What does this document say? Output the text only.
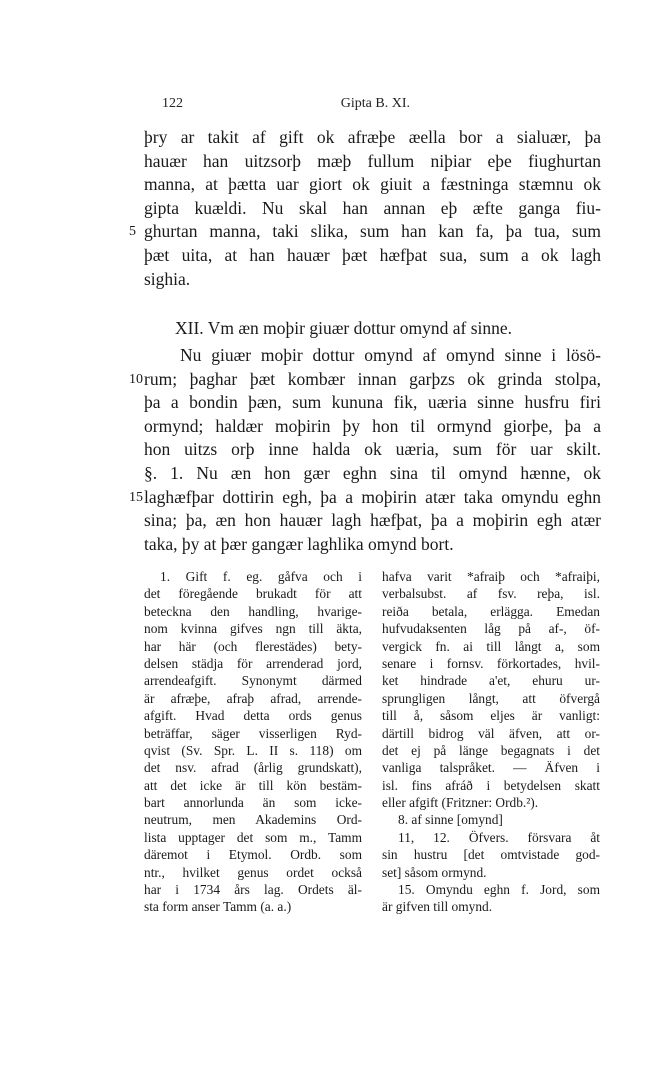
122	Gipta B. XI.
þry ar takit af gift ok afræþe æella bor a sialuær, þa
hauær han uitzsorþ mæþ fullum niþiar eþe fiughurtan
manna, at þætta uar giort ok giuit a fæstninga stæmnu ok
gipta kuældi. Nu skal han annan eþ æfte ganga fiu-
ghurtan manna, taki slika, sum han kan fa, þa tua, sum
5
þæt uita, at han hauær þæt hæfþat sua, sum a ok lagh
sighia.
XII. Vm æn moþir giuær dottur omynd af sinne.
Nu giuær moþir dottur omynd af omynd sinne i lösö-
rum; þaghar þæt kombær innan garþzs ok grinda stolpa,
10
þa a bondin þæn, sum kununa fik, uæria sinne husfru firi
ormynd; haldær moþirin þy hon til ormynd giorþe, þa a
hon uitzs orþ inne halda ok uæria, sum för uar skilt.
§. 1. Nu æn hon gær eghn sina til omynd hænne, ok
laghæfþar dottirin egh, þa a moþirin atær taka omyndu eghn
15
sina; þa, æn hon hauær lagh hæfþat, þa a moþirin egh atær
taka, þy at þær gangær laghlika omynd bort.
1. Gift f. eg. gåfva och i
det föregående brukadt för att
beteckna den handling, hvarige-
nom kvinna gifves ngn till äkta,
har här (och flerestädes) bety-
delsen städja för arrenderad jord,
arrendeafgift. Synonymt därmed
är afræþe, afraþ afrad, arrende-
afgift. Hvad detta ords genus
beträffar, säger visserligen Ryd-
qvist (Sv. Spr. L. II s. 118) om
det nsv. afrad (årlig grundskatt),
att det icke är till kön bestäm-
bart annorlunda än som icke-
neutrum, men Akademins Ord-
lista upptager det som m., Tamm
däremot i Etymol. Ordb. som
ntr., hvilket genus ordet också
har i 1734 års lag. Ordets äl-
sta form anser Tamm (a. a.)
hafva varit *afraiþ och *afraiþi,
verbalsubst. af fsv. reþa, isl.
reiða betala, erlägga. Emedan
hufvudaksenten låg på af-, öf-
vergick fn. ai till långt a, som
senare i fornsv. förkortades, hvil-
ket hindrade a'et, ehuru ur-
sprungligen långt, att öfvergå
till å, såsom eljes är vanligt:
därtill bidrog väl äfven, att or-
det ej på länge begagnats i det
vanliga talspråket. — Äfven i
isl. fins afráð i betydelsen skatt
eller afgift (Fritzner: Ordb.²).
8. af sinne [omynd]
11, 12. Öfvers. försvara åt
sin hustru [det omtvistade god-
set] såsom ormynd.
15. Omyndu eghn f. Jord, som
är gifven till omynd.
